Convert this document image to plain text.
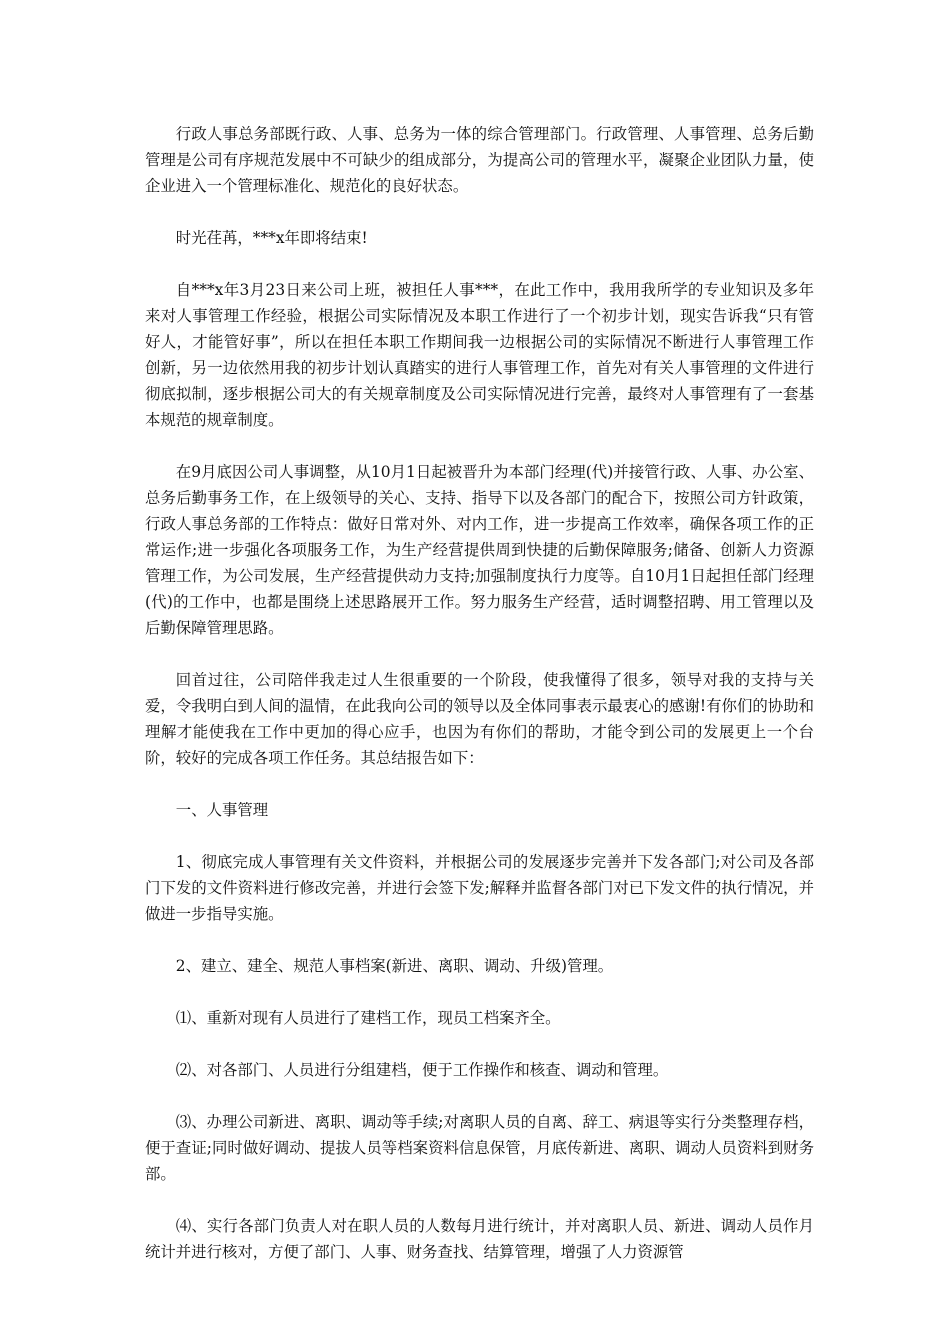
行政人事总务部既行政、人事、总务为一体的综合管理部门。行政管理、人事管理、总务后勤管理是公司有序规范发展中不可缺少的组成部分，为提高公司的管理水平，凝聚企业团队力量，使企业进入一个管理标准化、规范化的良好状态。

时光荏苒，***x年即将结束!

自***x年3月23日来公司上班，被担任人事***，在此工作中，我用我所学的专业知识及多年来对人事管理工作经验，根据公司实际情况及本职工作进行了一个初步计划，现实告诉我“只有管好人，才能管好事”，所以在担任本职工作期间我一边根据公司的实际情况不断进行人事管理工作创新，另一边依然用我的初步计划认真踏实的进行人事管理工作，首先对有关人事管理的文件进行彻底拟制，逐步根据公司大的有关规章制度及公司实际情况进行完善，最终对人事管理有了一套基本规范的规章制度。

在9月底因公司人事调整，从10月1日起被晋升为本部门经理(代)并接管行政、人事、办公室、总务后勤事务工作，在上级领导的关心、支持、指导下以及各部门的配合下，按照公司方针政策，行政人事总务部的工作特点：做好日常对外、对内工作，进一步提高工作效率，确保各项工作的正常运作;进一步强化各项服务工作，为生产经营提供周到快捷的后勤保障服务;储备、创新人力资源管理工作，为公司发展，生产经营提供动力支持;加强制度执行力度等。自10月1日起担任部门经理(代)的工作中，也都是围绕上述思路展开工作。努力服务生产经营，适时调整招聘、用工管理以及后勤保障管理思路。

回首过往，公司陪伴我走过人生很重要的一个阶段，使我懂得了很多，领导对我的支持与关爱，令我明白到人间的温情，在此我向公司的领导以及全体同事表示最衷心的感谢!有你们的协助和理解才能使我在工作中更加的得心应手，也因为有你们的帮助，才能令到公司的发展更上一个台阶，较好的完成各项工作任务。其总结报告如下：

一、人事管理

1、彻底完成人事管理有关文件资料，并根据公司的发展逐步完善并下发各部门;对公司及各部门下发的文件资料进行修改完善，并进行会签下发;解释并监督各部门对已下发文件的执行情况，并做进一步指导实施。

2、建立、建全、规范人事档案(新进、离职、调动、升级)管理。

⑴、重新对现有人员进行了建档工作，现员工档案齐全。

⑵、对各部门、人员进行分组建档，便于工作操作和核查、调动和管理。

⑶、办理公司新进、离职、调动等手续;对离职人员的自离、辞工、病退等实行分类整理存档，便于查证;同时做好调动、提拔人员等档案资料信息保管，月底传新进、离职、调动人员资料到财务部。

⑷、实行各部门负责人对在职人员的人数每月进行统计，并对离职人员、新进、调动人员作月统计并进行核对，方便了部门、人事、财务查找、结算管理，增强了人力资源管
